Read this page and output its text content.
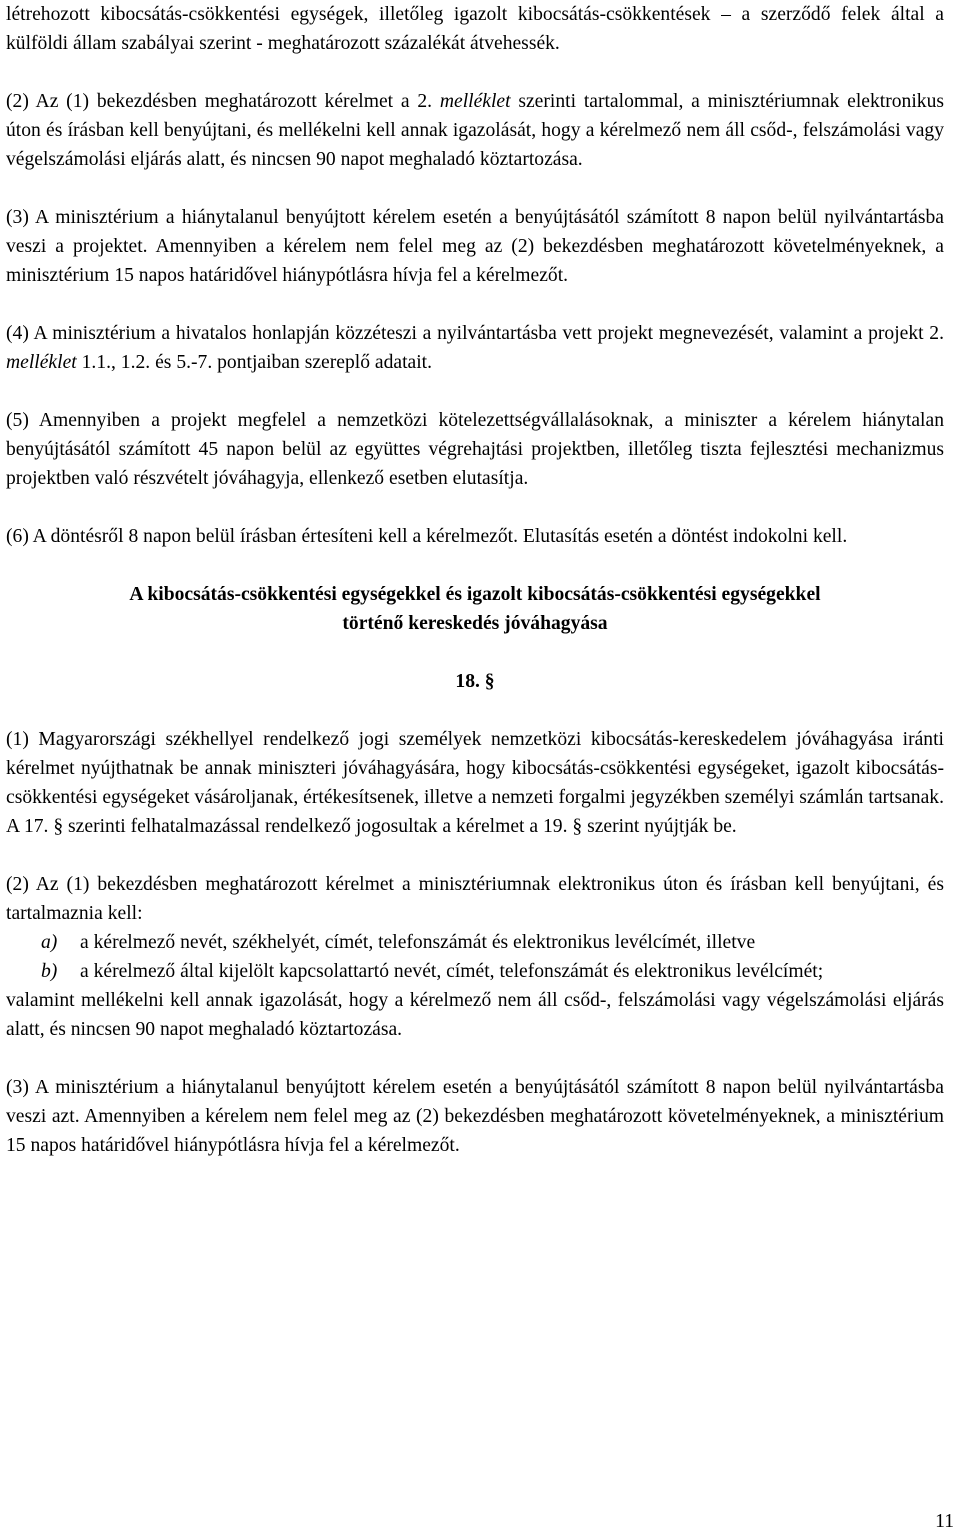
létrehozott kibocsátás-csökkentési egységek, illetőleg igazolt kibocsátás-csökkentések – a szerződő felek által a külföldi állam szabályai szerint - meghatározott százalékát átvehessék.

(2) Az (1) bekezdésben meghatározott kérelmet a 2. melléklet szerinti tartalommal, a minisztériumnak elektronikus úton és írásban kell benyújtani, és mellékelni kell annak igazolását, hogy a kérelmező nem áll csőd-, felszámolási vagy végelszámolási eljárás alatt, és nincsen 90 napot meghaladó köztartozása.

(3) A minisztérium a hiánytalanul benyújtott kérelem esetén a benyújtásától számított 8 napon belül nyilvántartásba veszi a projektet. Amennyiben a kérelem nem felel meg az (2) bekezdésben meghatározott követelményeknek, a minisztérium 15 napos határidővel hiánypótlásra hívja fel a kérelmezőt.

(4) A minisztérium a hivatalos honlapján közzéteszi a nyilvántartásba vett projekt megnevezését, valamint a projekt 2. melléklet 1.1., 1.2. és 5.-7. pontjaiban szereplő adatait.

(5) Amennyiben a projekt megfelel a nemzetközi kötelezettségvállalásoknak, a miniszter a kérelem hiánytalan benyújtásától számított 45 napon belül az együttes végrehajtási projektben, illetőleg tiszta fejlesztési mechanizmus projektben való részvételt jóváhagyja, ellenkező esetben elutasítja.

(6) A döntésről 8 napon belül írásban értesíteni kell a kérelmezőt. Elutasítás esetén a döntést indokolni kell.

A kibocsátás-csökkentési egységekkel és igazolt kibocsátás-csökkentési egységekkel

történő kereskedés jóváhagyása

18. §

(1) Magyarországi székhellyel rendelkező jogi személyek nemzetközi kibocsátás-kereskedelem jóváhagyása iránti kérelmet nyújthatnak be annak miniszteri jóváhagyására, hogy kibocsátás-csökkentési egységeket, igazolt kibocsátás-csökkentési egységeket vásároljanak, értékesítsenek, illetve a nemzeti forgalmi jegyzékben személyi számlán tartsanak. A 17. § szerinti felhatalmazással rendelkező jogosultak a kérelmet a 19. § szerint nyújtják be.

(2) Az (1) bekezdésben meghatározott kérelmet a minisztériumnak elektronikus úton és írásban kell benyújtani, és tartalmaznia kell:

a)	a kérelmező nevét, székhelyét, címét, telefonszámát és elektronikus levélcímét, illetve
b)	a kérelmező által kijelölt kapcsolattartó nevét, címét, telefonszámát és elektronikus levélcímét;

valamint mellékelni kell annak igazolását, hogy a kérelmező nem áll csőd-, felszámolási vagy végelszámolási eljárás alatt, és nincsen 90 napot meghaladó köztartozása.

(3) A minisztérium a hiánytalanul benyújtott kérelem esetén a benyújtásától számított 8 napon belül nyilvántartásba veszi azt. Amennyiben a kérelem nem felel meg az (2) bekezdésben meghatározott követelményeknek, a minisztérium 15 napos határidővel hiánypótlásra hívja fel a kérelmezőt.

11
